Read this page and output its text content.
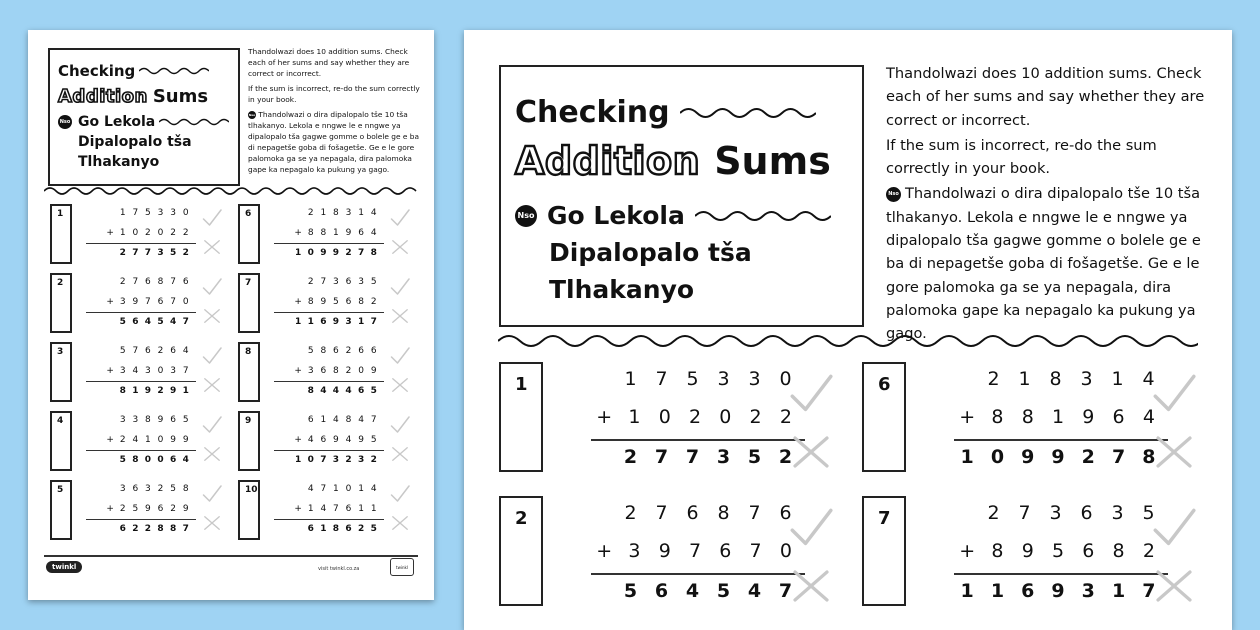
Checking
Addition Sums
Nso Go Lekola
Dipalopalo tša
Tlhakanyo

Thandolwazi does 10 addition sums. Check each of her sums and say whether they are correct or incorrect.

If the sum is incorrect, re-do the sum correctly in your book.

Nso Thandolwazi o dira dipalopalo tše 10 tša tlhakanyo. Lekola e nngwe le e nngwe ya dipalopalo tša gagwe gomme o bolele ge e ba di nepagetše goba di fošagetše. Ge e le gore palomoka ga se ya nepagala, dira palomoka gape ka nepagalo ka pukung ya gago.

1	1 7 5 3 3 0
+ 1 0 2 0 2 2
2 7 7 3 5 2
2	2 7 6 8 7 6
+ 3 9 7 6 7 0
5 6 4 5 4 7
3	5 7 6 2 6 4
+ 3 4 3 0 3 7
8 1 9 2 9 1
4	3 3 8 9 6 5
+ 2 4 1 0 9 9
5 8 0 0 6 4
5	3 6 3 2 5 8
+ 2 5 9 6 2 9
6 2 2 8 8 7
6	2 1 8 3 1 4
+ 8 8 1 9 6 4
1 0 9 9 2 7 8
7	2 7 3 6 3 5
+ 8 9 5 6 8 2
1 1 6 9 3 1 7
8	5 8 6 2 6 6
+ 3 6 8 2 0 9
8 4 4 4 6 5
9	6 1 4 8 4 7
+ 4 6 9 4 9 5
1 0 7 3 2 3 2
10	4 7 1 0 1 4
+ 1 4 7 6 1 1
6 1 8 6 2 5
twinkl	visit twinkl.co.za	twinkl
Checking
Addition Sums
Nso Go Lekola
Dipalopalo tša
Tlhakanyo

Thandolwazi does 10 addition sums. Check each of her sums and say whether they are correct or incorrect.

If the sum is incorrect, re-do the sum correctly in your book.

Nso Thandolwazi o dira dipalopalo tše 10 tša tlhakanyo. Lekola e nngwe le e nngwe ya dipalopalo tša gagwe gomme o bolele ge e ba di nepagetše goba di fošagetše. Ge e le gore palomoka ga se ya nepagala, dira palomoka gape ka nepagalo ka pukung ya gago.

1	1 7 5 3 3 0
+ 1 0 2 0 2 2
2 7 7 3 5 2
2	2 7 6 8 7 6
+ 3 9 7 6 7 0
5 6 4 5 4 7
6	2 1 8 3 1 4
+ 8 8 1 9 6 4
1 0 9 9 2 7 8
7	2 7 3 6 3 5
+ 8 9 5 6 8 2
1 1 6 9 3 1 7
